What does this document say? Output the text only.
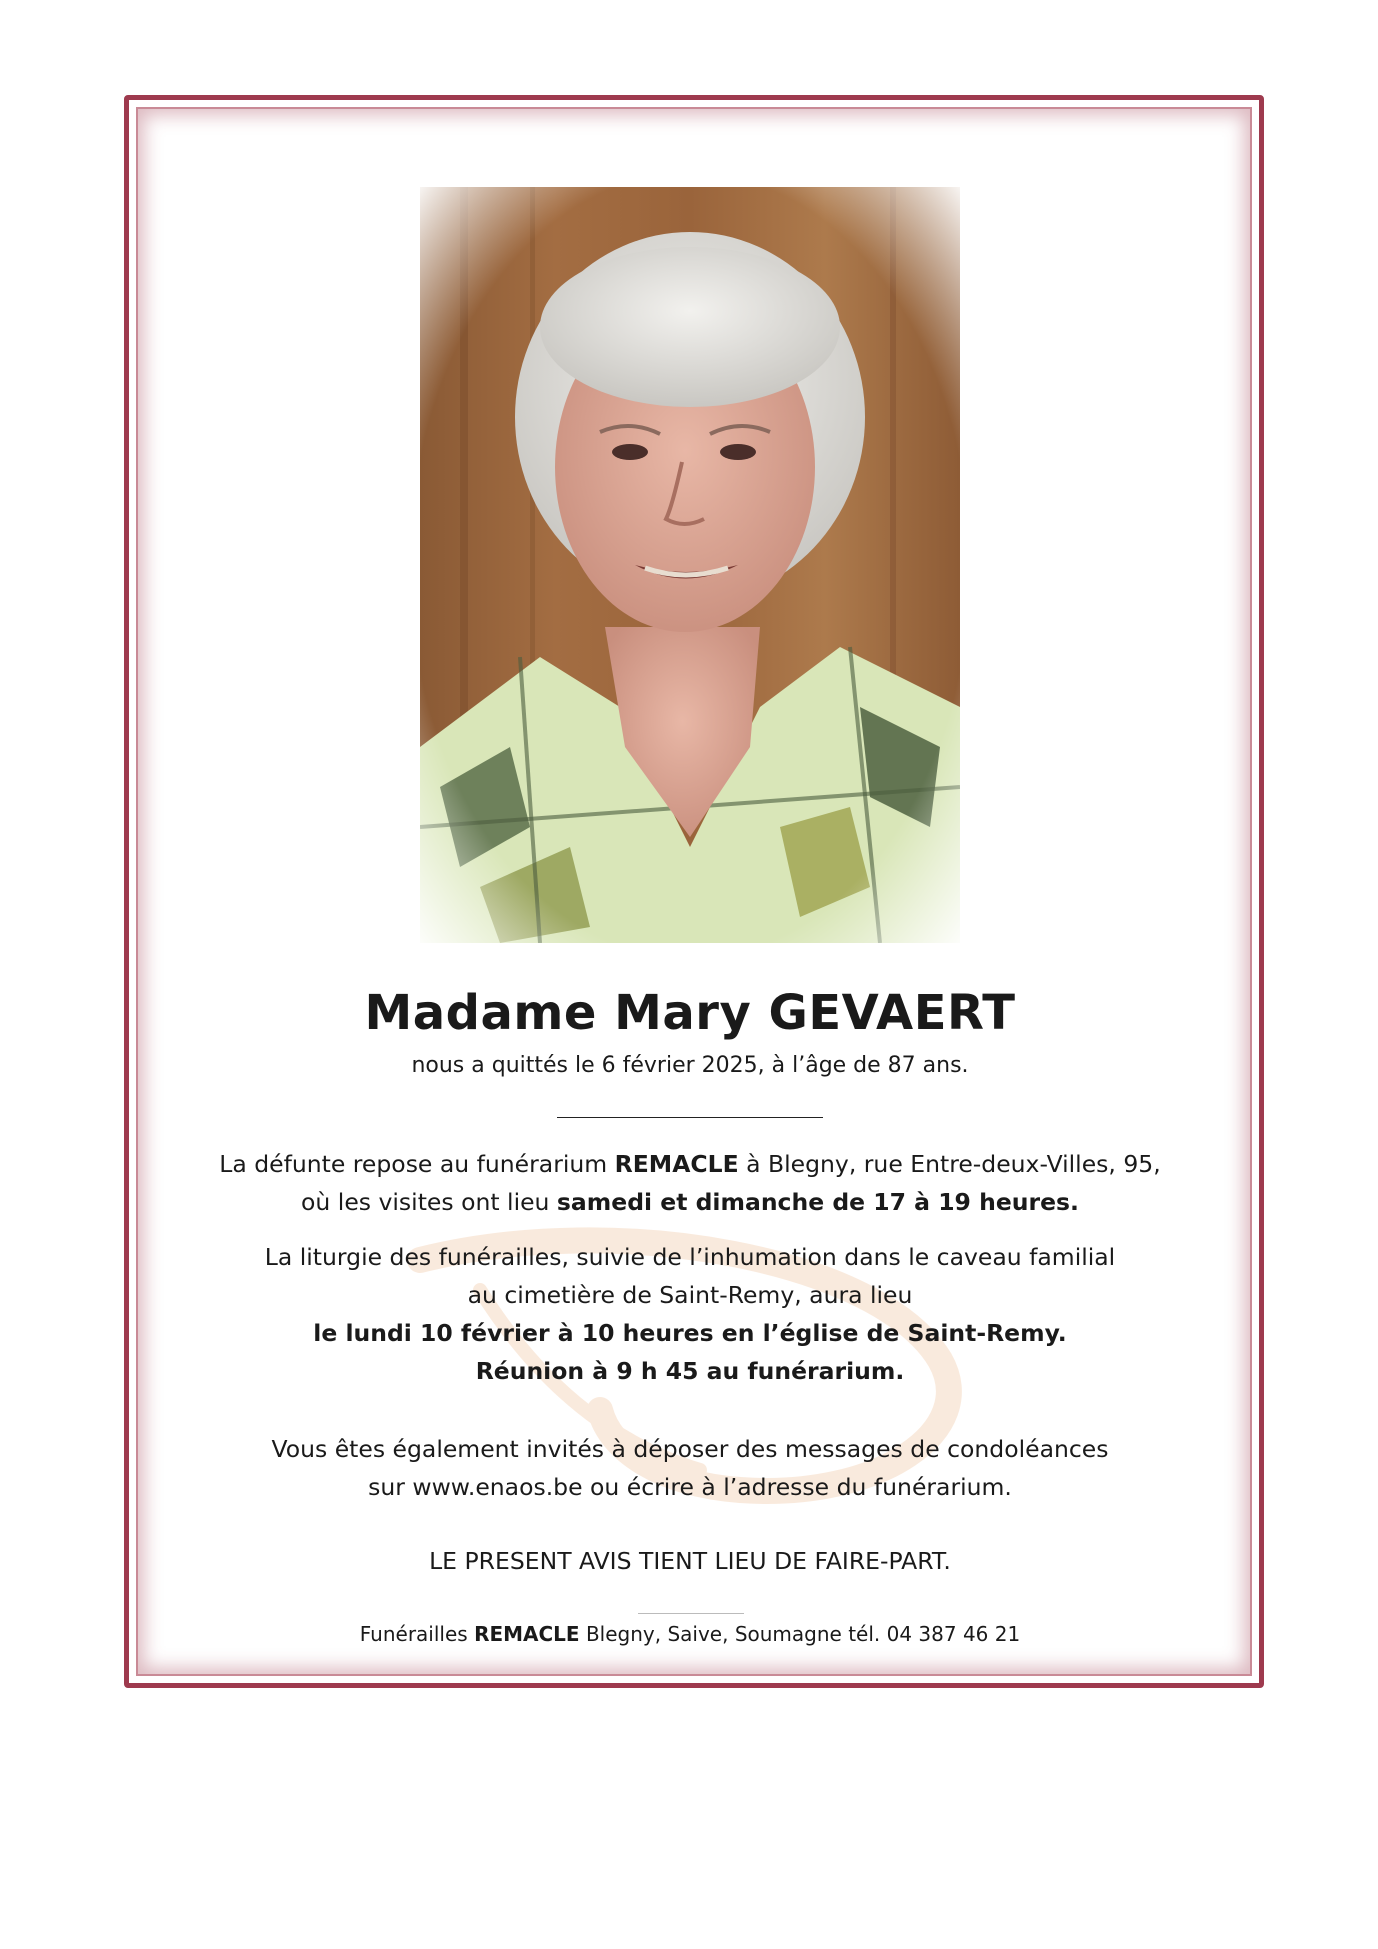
Madame Mary GEVAERT
nous a quittés le 6 février 2025, à l’âge de 87 ans.
La défunte repose au funérarium REMACLE à Blegny, rue Entre-deux-Villes, 95,
où les visites ont lieu samedi et dimanche de 17 à 19 heures.
La liturgie des funérailles, suivie de l’inhumation dans le caveau familial
au cimetière de Saint-Remy, aura lieu
le lundi 10 février à 10 heures en l’église de Saint-Remy.
Réunion à 9 h 45 au funérarium.
Vous êtes également invités à déposer des messages de condoléances
sur www.enaos.be ou écrire à l’adresse du funérarium.
LE PRESENT AVIS TIENT LIEU DE FAIRE-PART.
Funérailles REMACLE Blegny, Saive, Soumagne tél. 04 387 46 21
